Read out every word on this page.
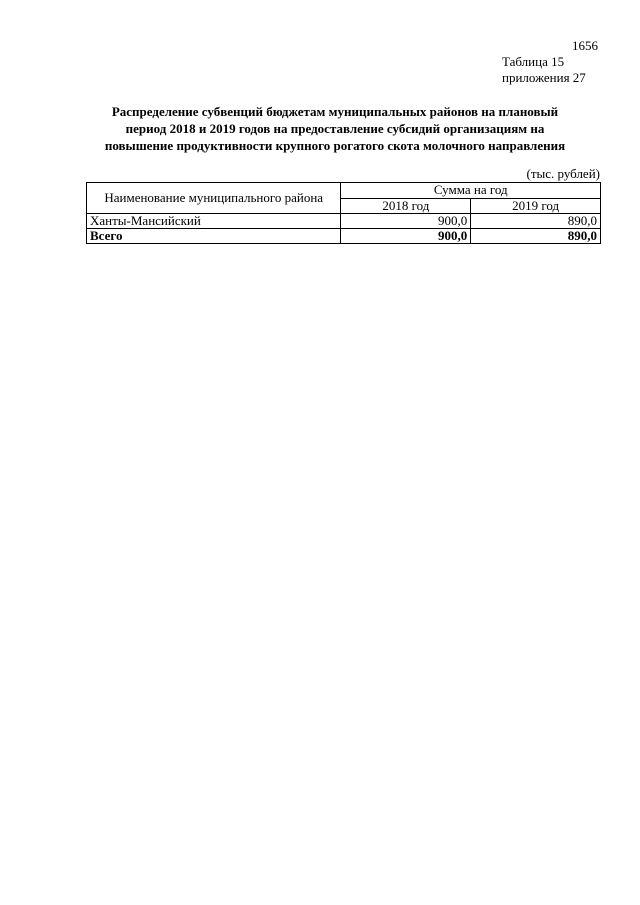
1656
Таблица 15
приложения 27
Распределение субвенций бюджетам муниципальных районов на плановый
период 2018 и 2019 годов на предоставление субсидий организациям на
повышение продуктивности крупного рогатого скота молочного направления
(тыс. рублей)
Наименование муниципального района	Сумма на год	
	2018 год	2019 год
Ханты-Мансийский	900,0	890,0
Всего	900,0	890,0
